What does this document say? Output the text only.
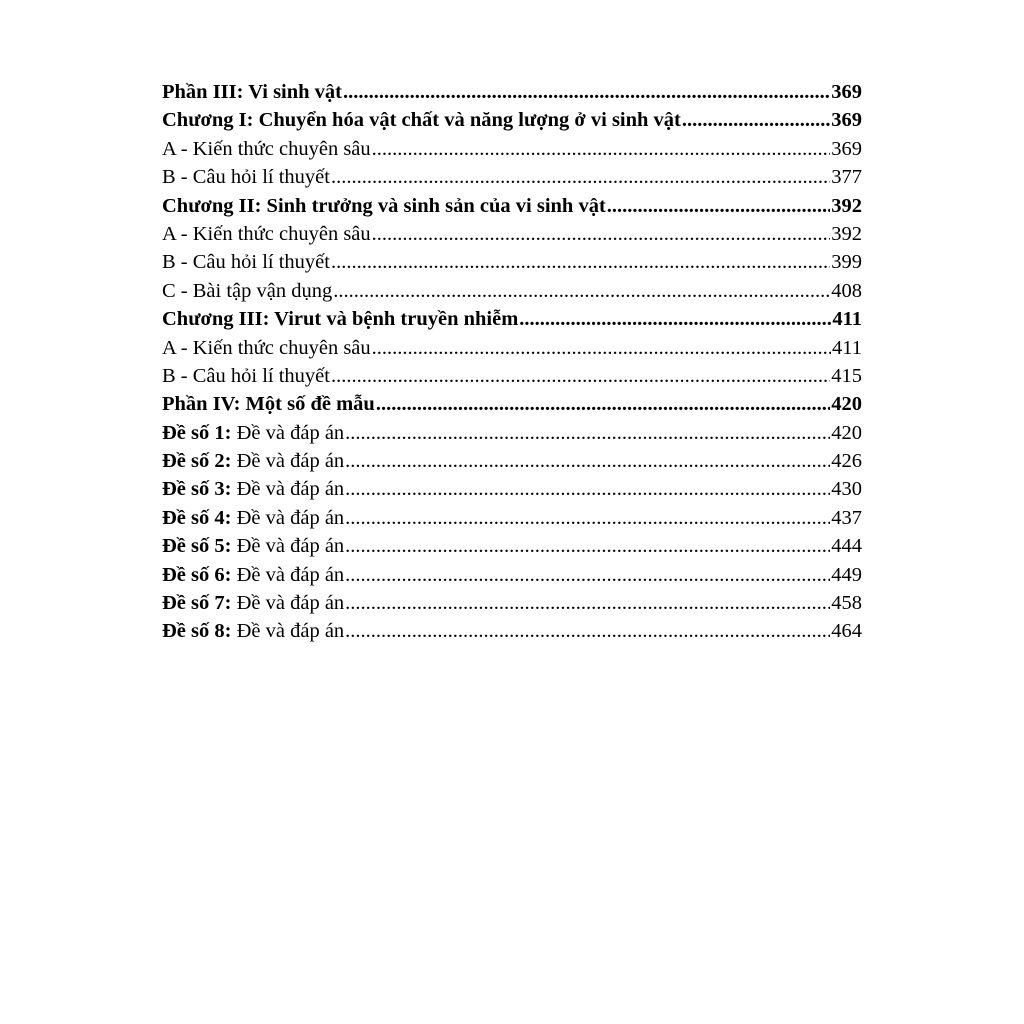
Phần III: Vi sinh vật .....	369
Chương I: Chuyển hóa vật chất và năng lượng ở vi sinh vật .....	369
A - Kiến thức chuyên sâu .....	369
B - Câu hỏi lí thuyết .....	377
Chương II: Sinh trưởng và sinh sản của vi sinh vật .....	392
A - Kiến thức chuyên sâu .....	392
B - Câu hỏi lí thuyết .....	399
C - Bài tập vận dụng .....	408
Chương III: Virut và bệnh truyền nhiễm .....	411
A - Kiến thức chuyên sâu .....	411
B - Câu hỏi lí thuyết .....	415
Phần IV: Một số đề mẫu .....	420
Đề số 1: Đề và đáp án .....	420
Đề số 2: Đề và đáp án .....	426
Đề số 3: Đề và đáp án .....	430
Đề số 4: Đề và đáp án .....	437
Đề số 5: Đề và đáp án .....	444
Đề số 6: Đề và đáp án .....	449
Đề số 7: Đề và đáp án .....	458
Đề số 8: Đề và đáp án .....	464
